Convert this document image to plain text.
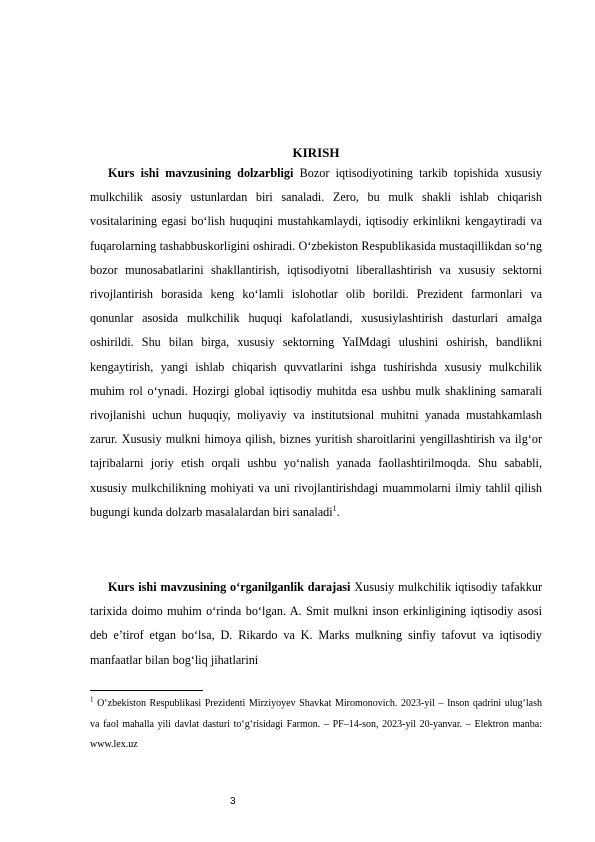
KIRISH

Kurs ishi mavzusining dolzarbligi Bozor iqtisodiyotining tarkib topishida xususiy mulkchilik asosiy ustunlardan biri sanaladi. Zero, bu mulk shakli ishlab chiqarish vositalarining egasi bo‘lish huquqini mustahkamlaydi, iqtisodiy erkinlikni kengaytiradi va fuqarolarning tashabbuskorligini oshiradi. O‘zbekiston Respublikasida mustaqillikdan so‘ng bozor munosabatlarini shakllantirish, iqtisodiyotni liberallashtirish va xususiy sektorni rivojlantirish borasida keng ko‘lamli islohotlar olib borildi. Prezident farmonlari va qonunlar asosida mulkchilik huquqi kafolatlandi, xususiylashtirish dasturlari amalga oshirildi. Shu bilan birga, xususiy sektorning YaIMdagi ulushini oshirish, bandlikni kengaytirish, yangi ishlab chiqarish quvvatlarini ishga tushirishda xususiy mulkchilik muhim rol o‘ynadi. Hozirgi global iqtisodiy muhitda esa ushbu mulk shaklining samarali rivojlanishi uchun huquqiy, moliyaviy va institutsional muhitni yanada mustahkamlash zarur. Xususiy mulkni himoya qilish, biznes yuritish sharoitlarini yengillashtirish va ilg‘or tajribalarni joriy etish orqali ushbu yo‘nalish yanada faollashtirilmoqda. Shu sababli, xususiy mulkchilikning mohiyati va uni rivojlantirishdagi muammolarni ilmiy tahlil qilish bugungi kunda dolzarb masalalardan biri sanaladi$^1$.

Kurs ishi mavzusining o‘rganilganlik darajasi Xususiy mulkchilik iqtisodiy tafakkur tarixida doimo muhim o‘rinda bo‘lgan. A. Smit mulkni inson erkinligining iqtisodiy asosi deb e’tirof etgan bo‘lsa, D. Rikardo va K. Marks mulkning sinfiy tafovut va iqtisodiy manfaatlar bilan bog‘liq jihatlarini

$^1$ O‘zbekiston Respublikasi Prezidenti Mirziyoyev Shavkat Miromonovich. 2023-yil – Inson qadrini ulug‘lash va faol mahalla yili davlat dasturi to‘g‘risidagi Farmon. – PF–14-son, 2023-yil 20-yanvar. – Elektron manba: www.lex.uz

3
